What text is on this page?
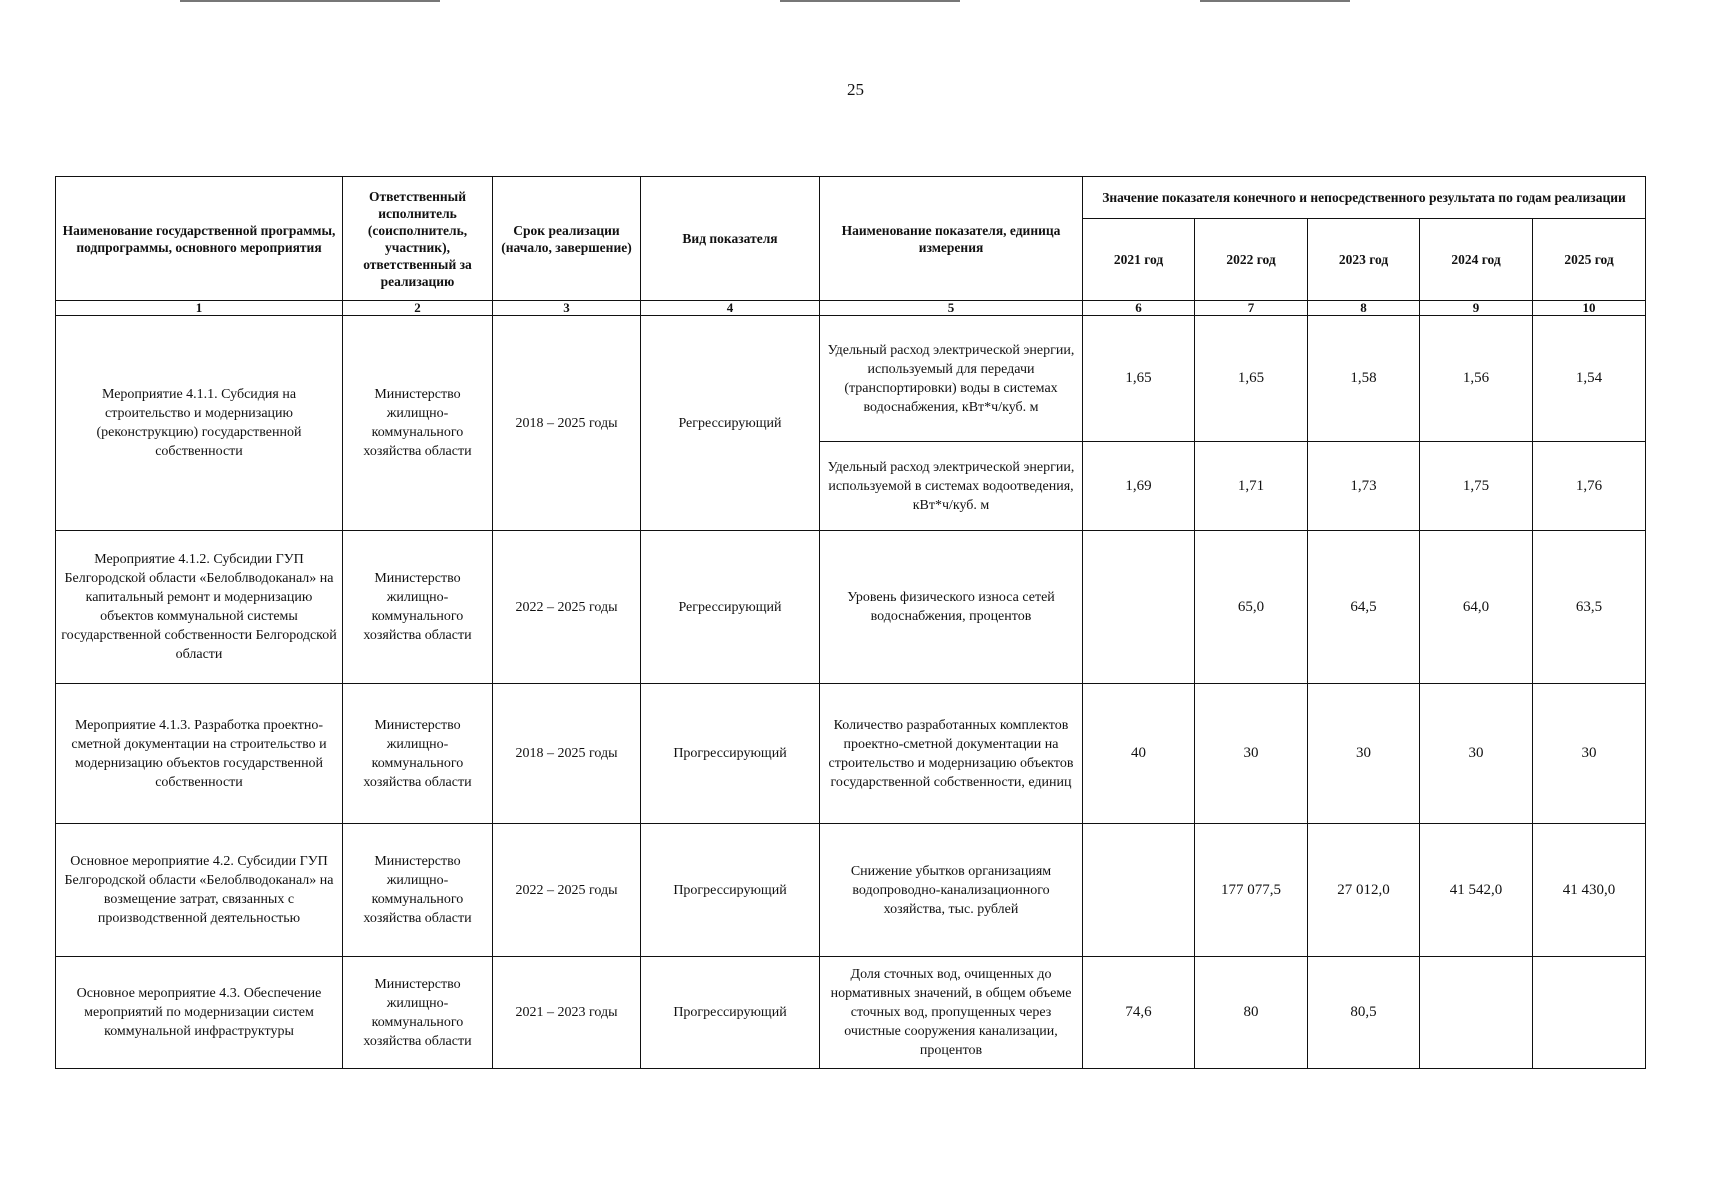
25
Наименование государственной программы, подпрограммы, основного мероприятия	Ответственный исполнитель (соисполнитель, участник), ответственный за реализацию	Срок реализации (начало, завершение)	Вид показателя	Наименование показателя, единица измерения	Значение показателя конечного и непосредственного результата по годам реализации				
					2021 год	2022 год	2023 год	2024 год	2025 год
1	2	3	4	5	6	7	8	9	10
Мероприятие 4.1.1. Субсидия на строительство и модернизацию (реконструкцию) государственной собственности	Министерство жилищно-коммунального хозяйства области	2018 – 2025 годы	Регрессирующий	Удельный расход электрической энергии, используемый для передачи (транспортировки) воды в системах водоснабжения, кВт*ч/куб. м	1,65	1,65	1,58	1,56	1,54
				Удельный расход электрической энергии, используемой в системах водоотведения, кВт*ч/куб. м	1,69	1,71	1,73	1,75	1,76
Мероприятие 4.1.2. Субсидии ГУП Белгородской области «Белоблводоканал» на капитальный ремонт и модернизацию объектов коммунальной системы государственной собственности Белгородской области	Министерство жилищно-коммунального хозяйства области	2022 – 2025 годы	Регрессирующий	Уровень физического износа сетей водоснабжения, процентов		65,0	64,5	64,0	63,5
Мероприятие 4.1.3. Разработка проектно-сметной документации на строительство и модернизацию объектов государственной собственности	Министерство жилищно-коммунального хозяйства области	2018 – 2025 годы	Прогрессирующий	Количество разработанных комплектов проектно-сметной документации на строительство и модернизацию объектов государственной собственности, единиц	40	30	30	30	30
Основное мероприятие 4.2. Субсидии ГУП Белгородской области «Белоблводоканал» на возмещение затрат, связанных с производственной деятельностью	Министерство жилищно-коммунального хозяйства области	2022 – 2025 годы	Прогрессирующий	Снижение убытков организациям водопроводно-канализационного хозяйства, тыс. рублей		177 077,5	27 012,0	41 542,0	41 430,0
Основное мероприятие 4.3. Обеспечение мероприятий по модернизации систем коммунальной инфраструктуры	Министерство жилищно-коммунального хозяйства области	2021 – 2023 годы	Прогрессирующий	Доля сточных вод, очищенных до нормативных значений, в общем объеме сточных вод, пропущенных через очистные сооружения канализации, процентов	74,6	80	80,5		
